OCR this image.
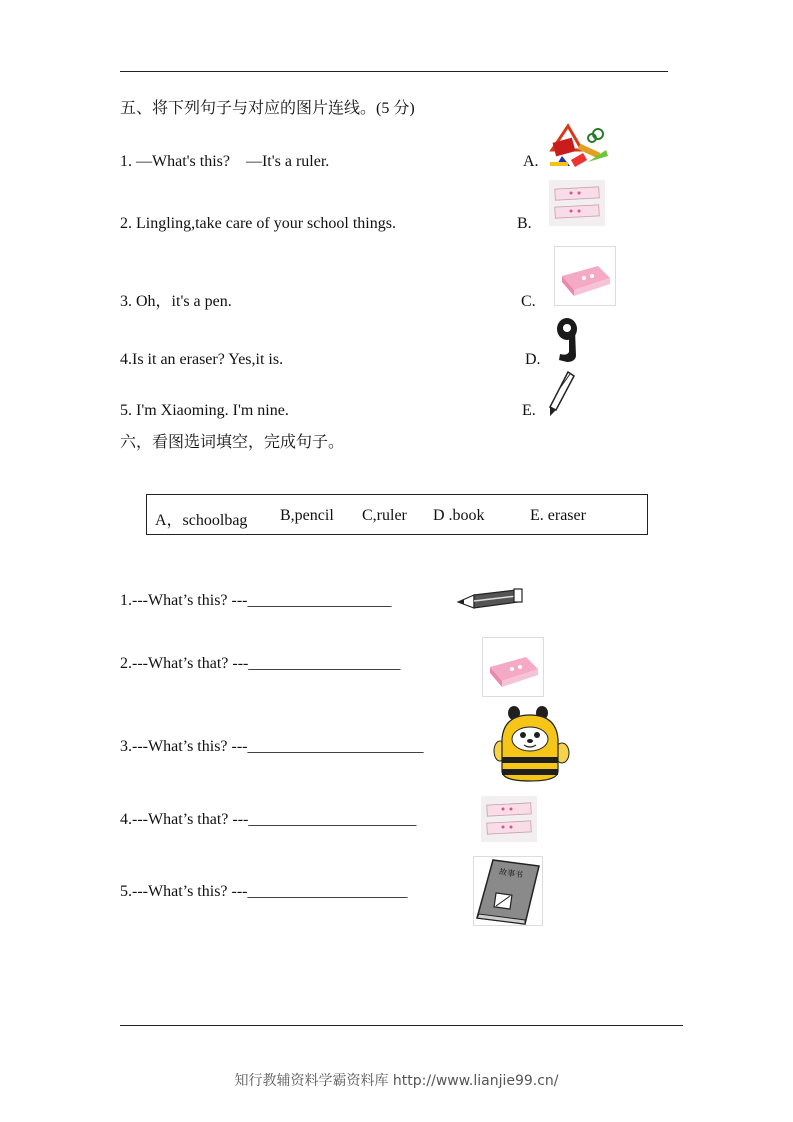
五、将下列句子与对应的图片连线。(5 分)
1. —What's this?    —It's a ruler.	A.
2. Lingling,take care of your school things.	B.
3. Oh，it's a pen.	C.
4.Is it an eraser? Yes,it is.	D.
5. I'm Xiaoming. I'm nine.	E.
六，看图选词填空，完成句子。
A，schoolbag B,pencil C,ruler D .book	E. eraser
1.---What’s this? ---__________________
2.---What’s that? ---___________________
3.---What’s this? ---______________________
4.---What’s that? ---_____________________
5.---What’s this? ---____________________
故事书
知行教辅资料学霸资料库 http://www.lianjie99.cn/
